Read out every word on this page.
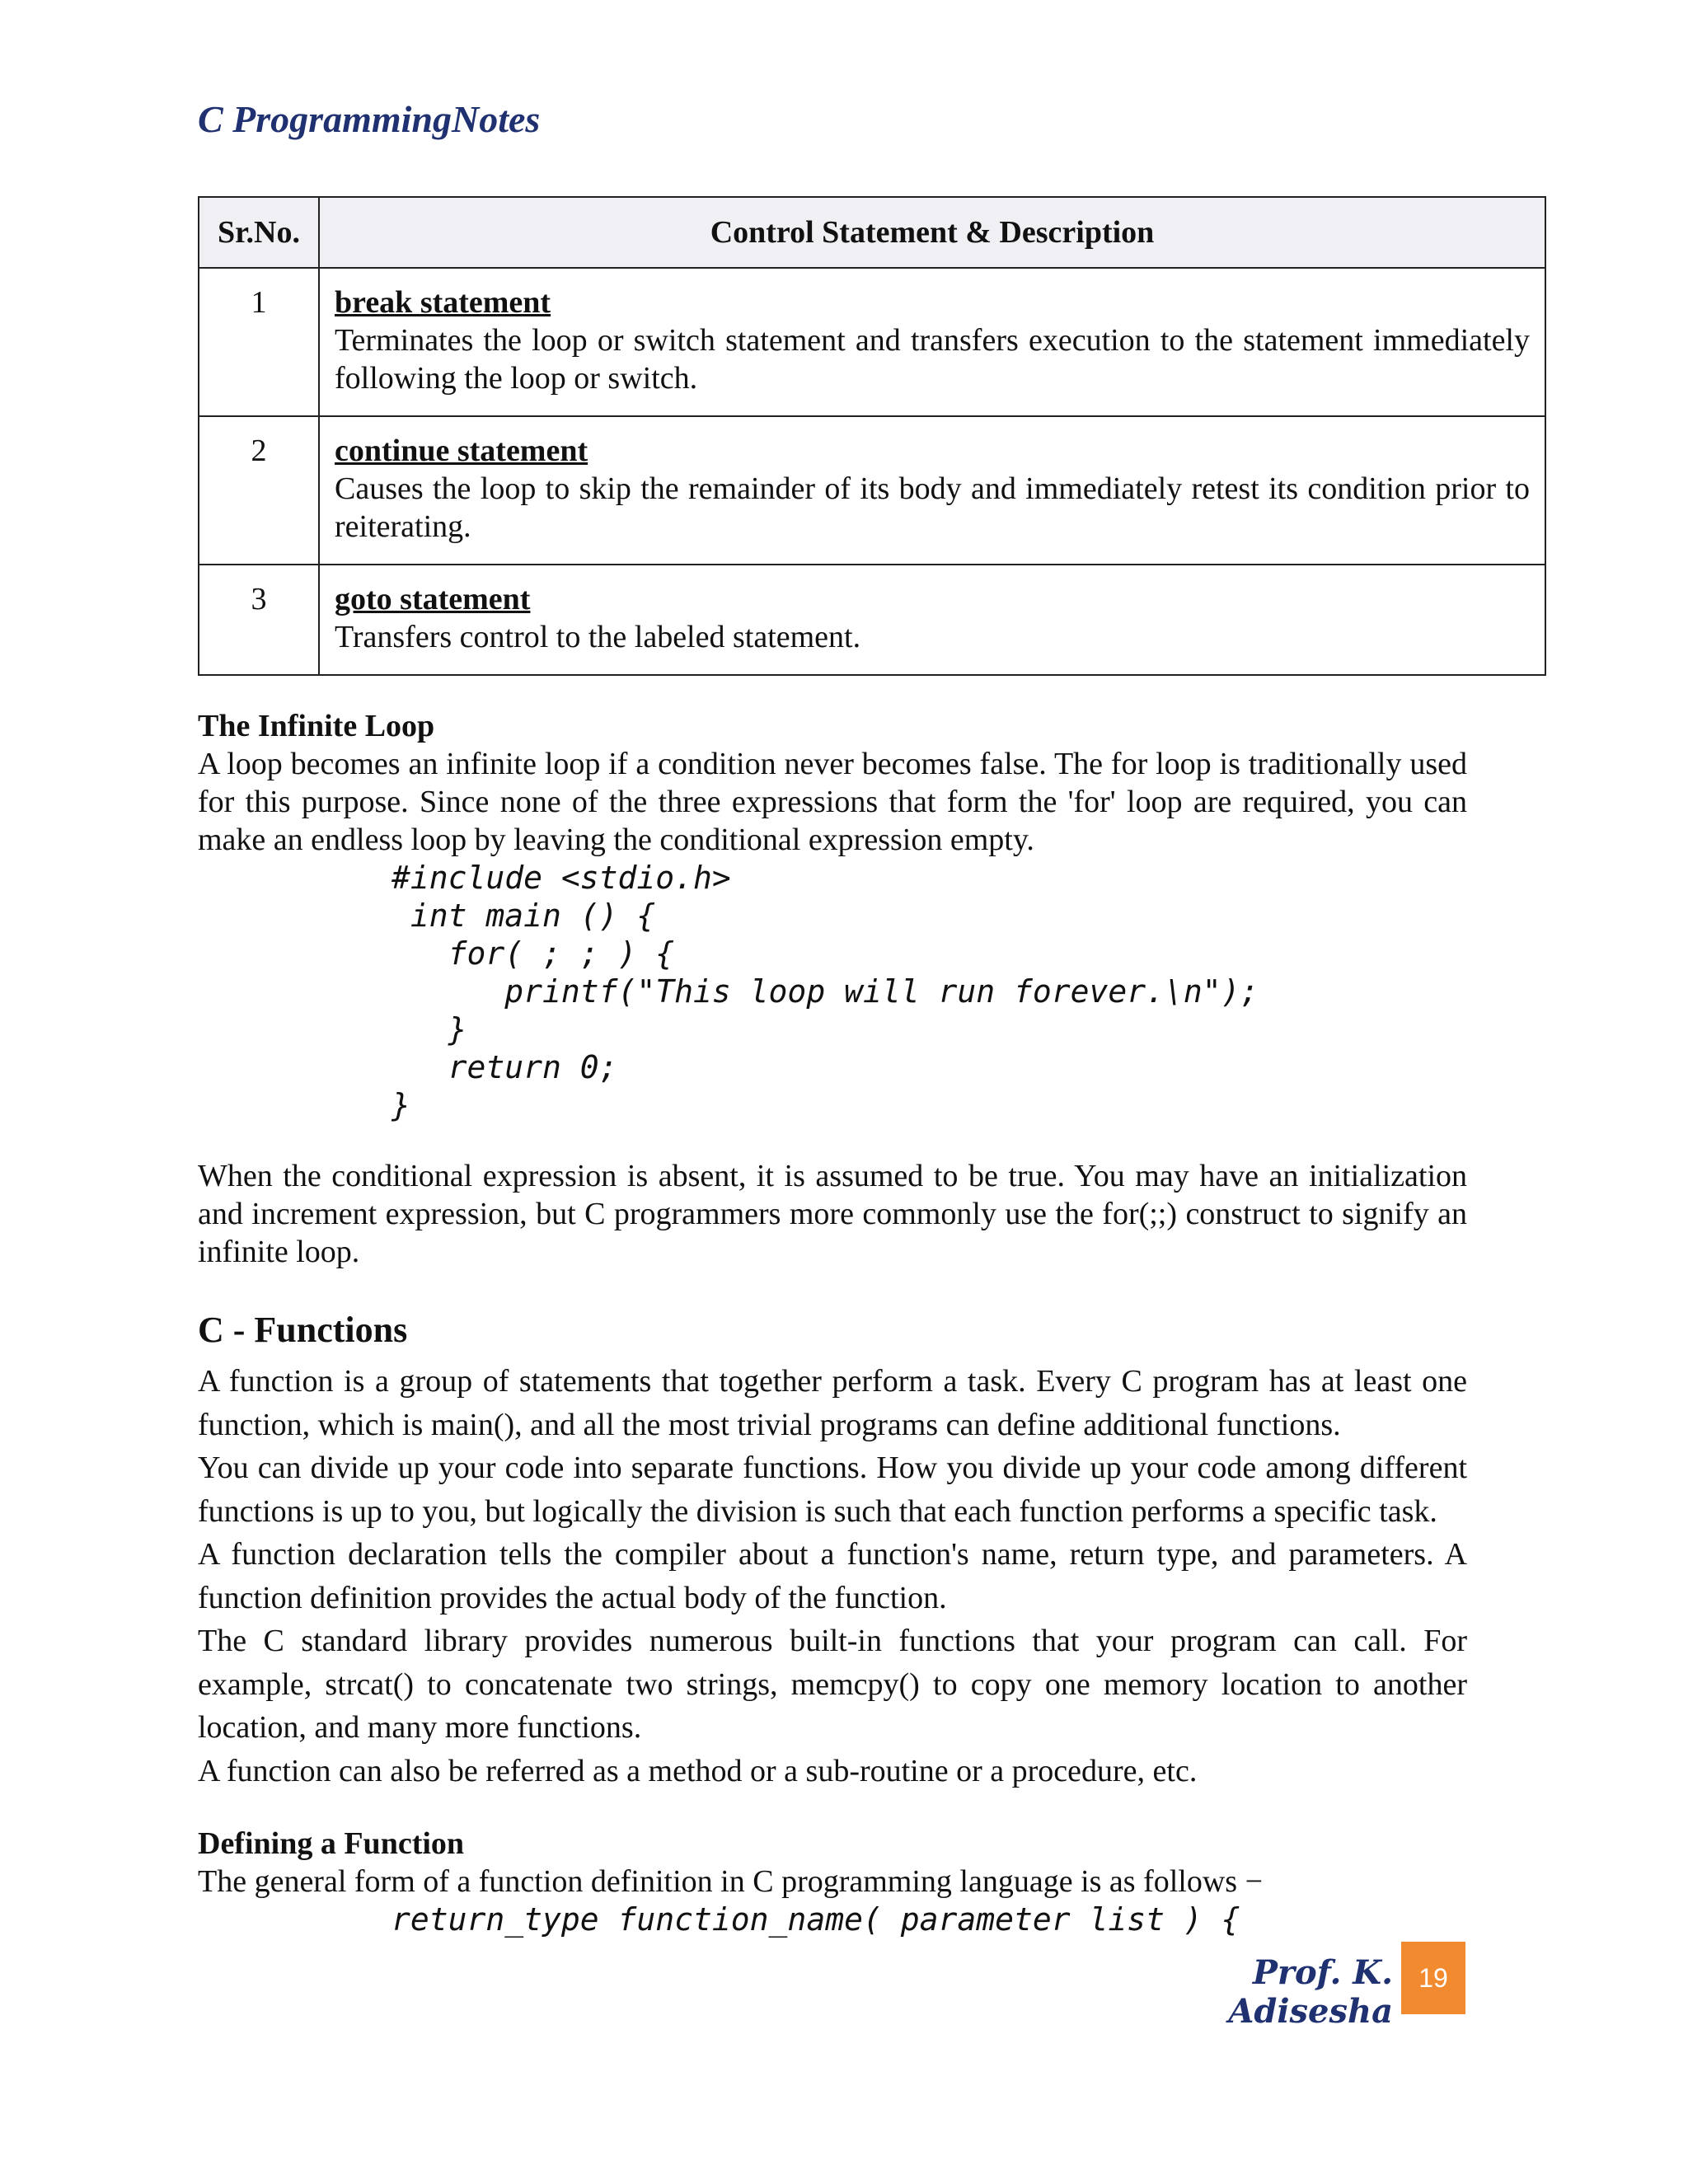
C ProgrammingNotes
Sr.No.	Control Statement & Description
1	break statement
Terminates the loop or switch statement and transfers execution to the statement immediately following the loop or switch.
2	continue statement
Causes the loop to skip the remainder of its body and immediately retest its condition prior to reiterating.
3	goto statement
Transfers control to the labeled statement.

The Infinite Loop

A loop becomes an infinite loop if a condition never becomes false. The for loop is traditionally used for this purpose. Since none of the three expressions that form the 'for' loop are required, you can make an endless loop by leaving the conditional expression empty.

#include <stdio.h>
int main () {
for( ; ; ) {
printf("This loop will run forever.\n");
}
return 0;
}

When the conditional expression is absent, it is assumed to be true. You may have an initialization and increment expression, but C programmers more commonly use the for(;;) construct to signify an infinite loop.

C - Functions

A function is a group of statements that together perform a task. Every C program has at least one function, which is main(), and all the most trivial programs can define additional functions.

You can divide up your code into separate functions. How you divide up your code among different functions is up to you, but logically the division is such that each function performs a specific task.

A function declaration tells the compiler about a function's name, return type, and parameters. A function definition provides the actual body of the function.

The C standard library provides numerous built-in functions that your program can call. For example, strcat() to concatenate two strings, memcpy() to copy one memory location to another location, and many more functions.

A function can also be referred as a method or a sub-routine or a procedure, etc.

Defining a Function

The general form of a function definition in C programming language is as follows −

return_type function_name( parameter list ) {
Prof. K. Adisesha
19
